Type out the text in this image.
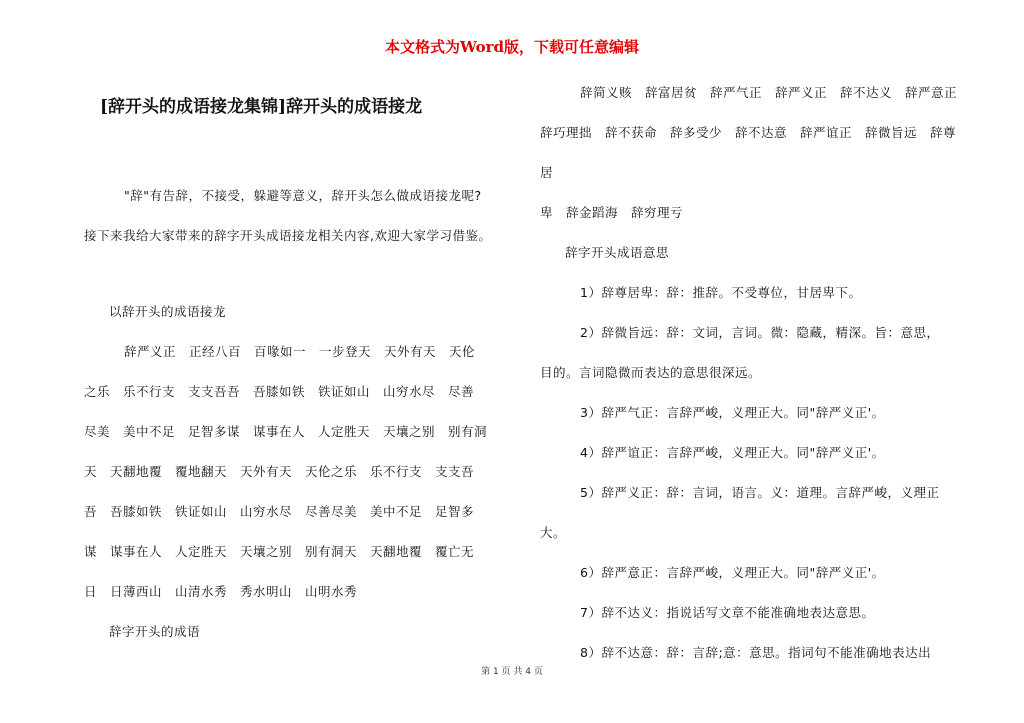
本文格式为Word版，下载可任意编辑
[辞开头的成语接龙集锦]辞开头的成语接龙

"辞"有告辞，不接受，躲避等意义，辞开头怎么做成语接龙呢?

接下来我给大家带来的辞字开头成语接龙相关内容,欢迎大家学习借鉴。

以辞开头的成语接龙

辞严义正　正经八百　百喙如一　一步登天　天外有天　天伦

之乐　乐不行支　支支吾吾　吾膝如铁　铁证如山　山穷水尽　尽善

尽美　美中不足　足智多谋　谋事在人　人定胜天　天壤之别　别有洞

天　天翻地覆　覆地翻天　天外有天　天伦之乐　乐不行支　支支吾

吾　吾膝如铁　铁证如山　山穷水尽　尽善尽美　美中不足　足智多

谋　谋事在人　人定胜天　天壤之别　别有洞天　天翻地覆　覆亡无

日　日薄西山　山清水秀　秀水明山　山明水秀

辞字开头的成语

辞简义赅　辞富居贫　辞严气正　辞严义正　辞不达义　辞严意正

辞巧理拙　辞不获命　辞多受少　辞不达意　辞严谊正　辞微旨远　辞尊居

卑　辞金蹈海　辞穷理亏

辞字开头成语意思

1）辞尊居卑：辞：推辞。不受尊位，甘居卑下。

2）辞微旨远：辞：文词，言词。微：隐藏，精深。旨：意思，

目的。言词隐微而表达的意思很深远。

3）辞严气正：言辞严峻，义理正大。同"辞严义正'。

4）辞严谊正：言辞严峻，义理正大。同"辞严义正'。

5）辞严义正：辞：言词，语言。义：道理。言辞严峻，义理正

大。

6）辞严意正：言辞严峻，义理正大。同"辞严义正'。

7）辞不达义：指说话写文章不能准确地表达意思。

8）辞不达意：辞：言辞;意：意思。指词句不能准确地表达出

第 1 页 共 4 页
